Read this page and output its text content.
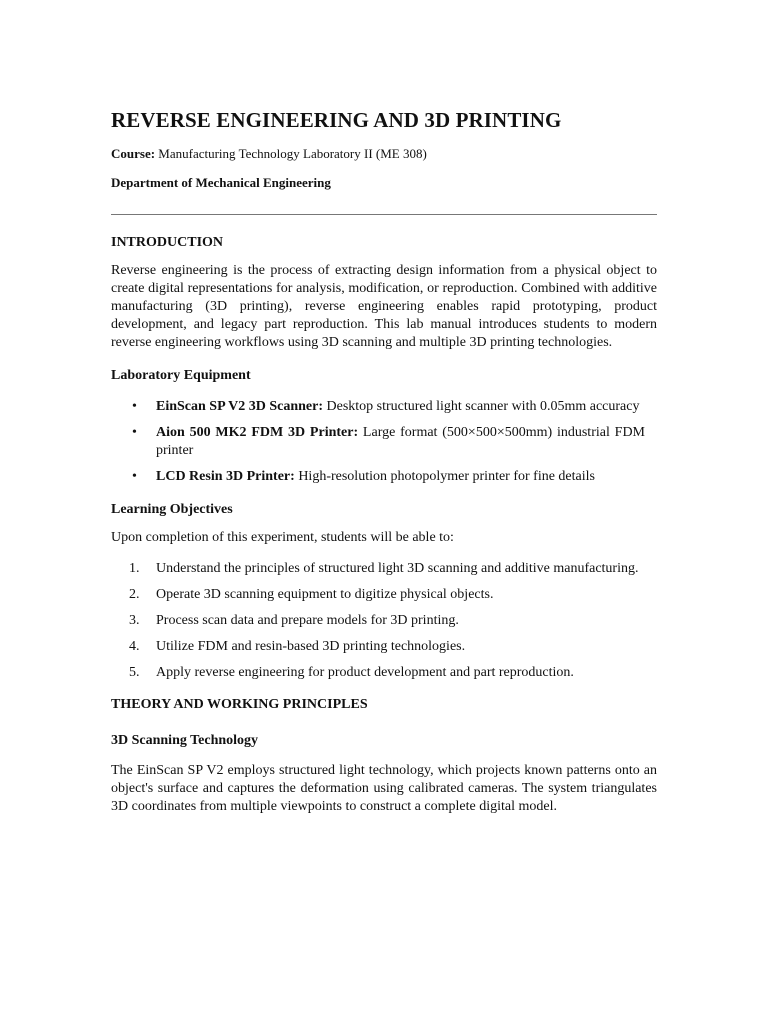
REVERSE ENGINEERING AND 3D PRINTING

Course: Manufacturing Technology Laboratory II (ME 308)

Department of Mechanical Engineering

INTRODUCTION

Reverse engineering is the process of extracting design information from a physical object to create digital representations for analysis, modification, or reproduction. Combined with additive manufacturing (3D printing), reverse engineering enables rapid prototyping, product development, and legacy part reproduction. This lab manual introduces students to modern reverse engineering workflows using 3D scanning and multiple 3D printing technologies.

Laboratory Equipment
• EinScan SP V2 3D Scanner: Desktop structured light scanner with 0.05mm accuracy
• Aion 500 MK2 FDM 3D Printer: Large format (500×500×500mm) industrial FDM printer
• LCD Resin 3D Printer: High-resolution photopolymer printer for fine details
Learning Objectives

Upon completion of this experiment, students will be able to:

1. Understand the principles of structured light 3D scanning and additive manufacturing.
2. Operate 3D scanning equipment to digitize physical objects.
3. Process scan data and prepare models for 3D printing.
4. Utilize FDM and resin-based 3D printing technologies.
5. Apply reverse engineering for product development and part reproduction.
THEORY AND WORKING PRINCIPLES
3D Scanning Technology

The EinScan SP V2 employs structured light technology, which projects known patterns onto an object's surface and captures the deformation using calibrated cameras. The system triangulates 3D coordinates from multiple viewpoints to construct a complete digital model.
